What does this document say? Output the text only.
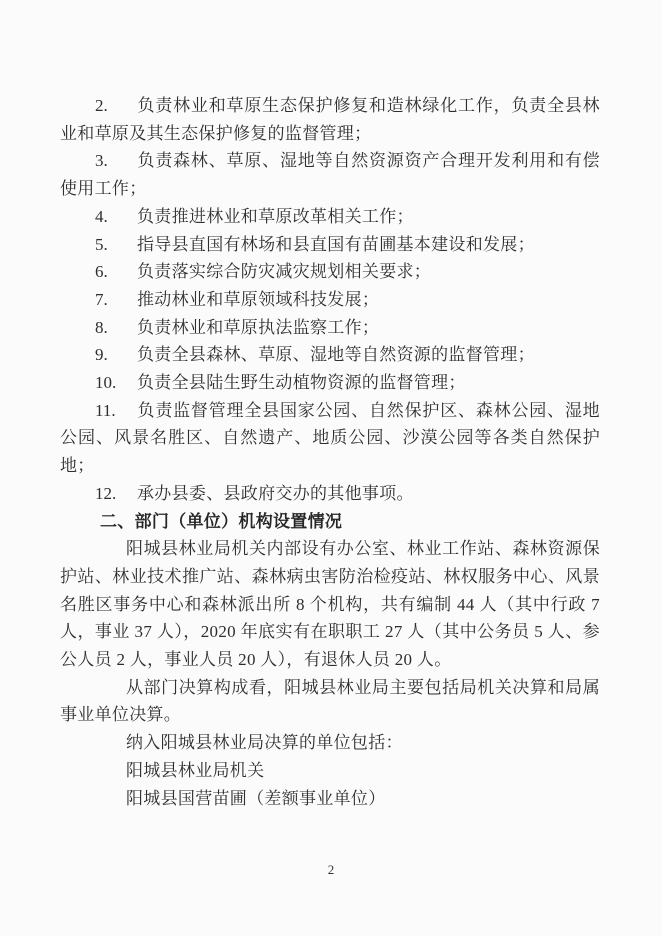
2. 负责林业和草原生态保护修复和造林绿化工作，负责全县林业和草原及其生态保护修复的监督管理；

3. 负责森林、草原、湿地等自然资源资产合理开发利用和有偿使用工作；

4. 负责推进林业和草原改革相关工作；

5. 指导县直国有林场和县直国有苗圃基本建设和发展；

6. 负责落实综合防灾减灾规划相关要求；

7. 推动林业和草原领域科技发展；

8. 负责林业和草原执法监察工作；

9. 负责全县森林、草原、湿地等自然资源的监督管理；

10. 负责全县陆生野生动植物资源的监督管理；

11. 负责监督管理全县国家公园、自然保护区、森林公园、湿地公园、风景名胜区、自然遗产、地质公园、沙漠公园等各类自然保护地；

12. 承办县委、县政府交办的其他事项。

二、部门（单位）机构设置情况

阳城县林业局机关内部设有办公室、林业工作站、森林资源保护站、林业技术推广站、森林病虫害防治检疫站、林权服务中心、风景名胜区事务中心和森林派出所 8 个机构，共有编制 44 人（其中行政 7 人，事业 37 人），2020 年底实有在职职工 27 人（其中公务员 5 人、参公人员 2 人，事业人员 20 人），有退休人员 20 人。

从部门决算构成看，阳城县林业局主要包括局机关决算和局属事业单位决算。

纳入阳城县林业局决算的单位包括：

阳城县林业局机关

阳城县国营苗圃（差额事业单位）

2
